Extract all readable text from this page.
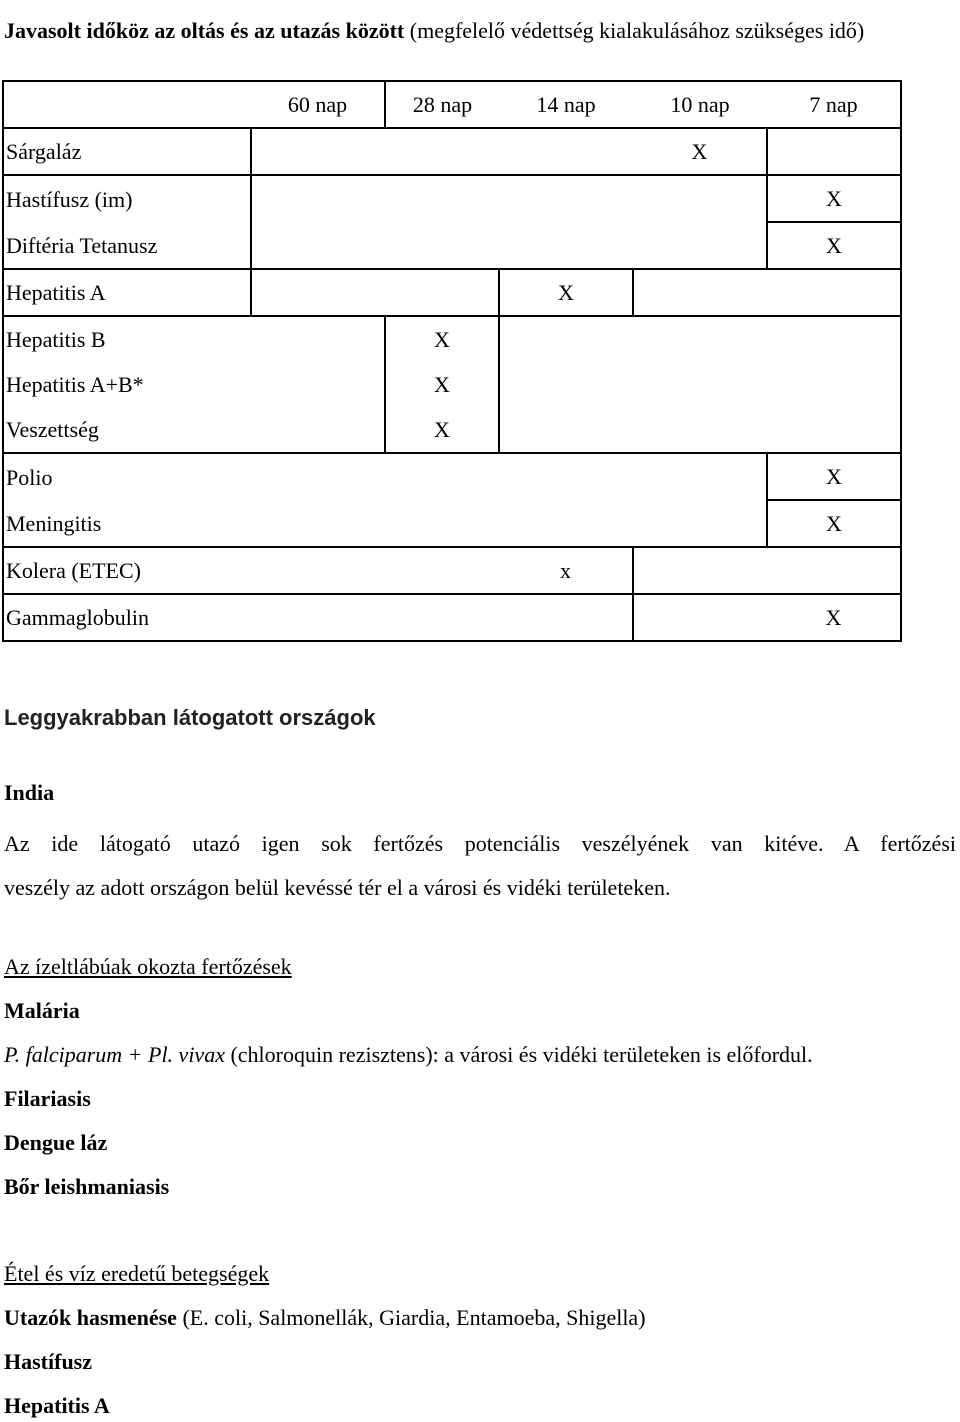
Javasolt időköz az oltás és az utazás között (megfelelő védettség kialakulásához szükséges idő)
	60 nap	28 nap	14 nap	10 nap	7 nap
Sárgaláz				X	
Hastífusz (im)					X
Diftéria Tetanusz					X
Hepatitis A			X		
Hepatitis B		X			
Hepatitis A+B*		X			
Veszettség		X			
Polio					X
Meningitis					X
Kolera (ETEC)			x		
Gammaglobulin					X
Leggyakrabban látogatott országok
India
Az ide látogató utazó igen sok fertőzés potenciális veszélyének van kitéve. A fertőzési
veszély az adott országon belül kevéssé tér el a városi és vidéki területeken.
Az ízeltlábúak okozta fertőzések
Malária
P. falciparum + Pl. vivax (chloroquin rezisztens): a városi és vidéki területeken is előfordul.
Filariasis
Dengue láz
Bőr leishmaniasis
Étel és víz eredetű betegségek
Utazók hasmenése (E. coli, Salmonellák, Giardia, Entamoeba, Shigella)
Hastífusz
Hepatitis A
